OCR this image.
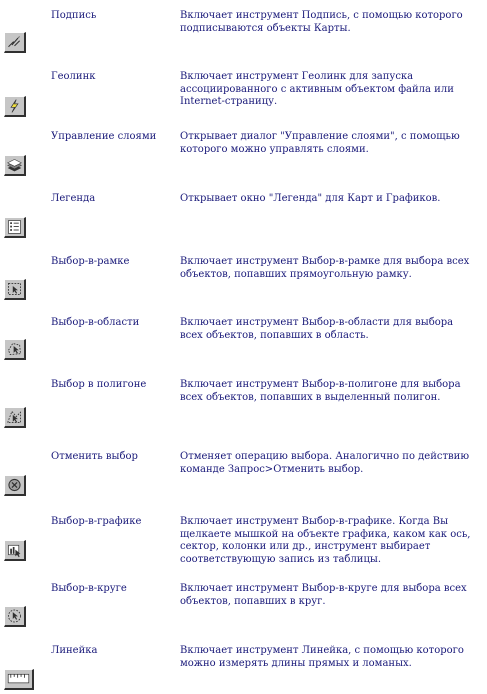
Подпись	Включает инструмент Подпись, с помощью которого подписываются объекты Карты.
Геолинк	Включает инструмент Геолинк для запуска ассоциированного с активным объектом файла или Internet-страницу.
Управление слоями	Открывает диалог "Управление слоями", с помощью которого можно управлять слоями.
Легенда	Открывает окно "Легенда" для Карт и Графиков.
Выбор-в-рамке	Включает инструмент Выбор-в-рамке для выбора всех объектов, попавших прямоугольную рамку.
Выбор-в-области	Включает инструмент Выбор-в-области для выбора всех объектов, попавших в область.
Выбор в полигоне	Включает инструмент Выбор-в-полигоне для выбора всех объектов, попавших в выделенный полигон.
Отменить выбор	Отменяет операцию выбора. Аналогично по действию команде Запрос>Отменить выбор.
Выбор-в-графике	Включает инструмент Выбор-в-графике. Когда Вы щелкаете мышкой на объекте графика, каком как ось, сектор, колонки или др., инструмент выбирает соответствующую запись из таблицы.
Выбор-в-круге	Включает инструмент Выбор-в-круге для выбора всех объектов, попавших в круг.
Линейка	Включает инструмент Линейка, с помощью которого можно измерять длины прямых и ломаных.
